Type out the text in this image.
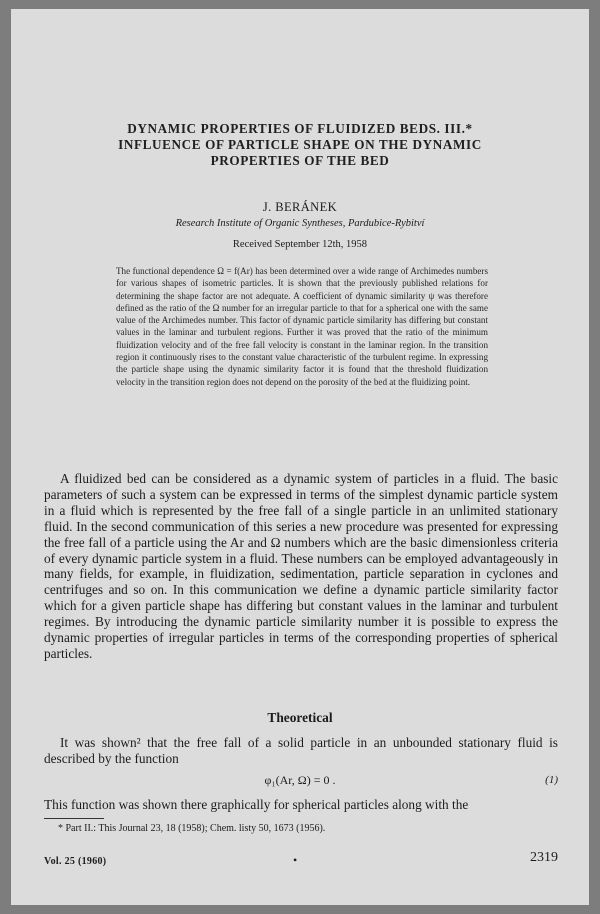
DYNAMIC PROPERTIES OF FLUIDIZED BEDS. III.*
INFLUENCE OF PARTICLE SHAPE ON THE DYNAMIC
PROPERTIES OF THE BED
J. BERÁNEK
Research Institute of Organic Syntheses, Pardubice-Rybitví
Received September 12th, 1958

The functional dependence Ω = f(Ar) has been determined over a wide range of Archimedes numbers for various shapes of isometric particles. It is shown that the previously published relations for determining the shape factor are not adequate. A coefficient of dynamic similarity ψ was therefore defined as the ratio of the Ω number for an irregular particle to that for a spherical one with the same value of the Archimedes number. This factor of dynamic particle similarity has differing but constant values in the laminar and turbulent regions. Further it was proved that the ratio of the minimum fluidization velocity and of the free fall velocity is constant in the laminar region. In the transition region it continuously rises to the constant value characteristic of the turbulent regime. In expressing the particle shape using the dynamic similarity factor it is found that the threshold fluidization velocity in the transition region does not depend on the porosity of the bed at the fluidizing point.

A fluidized bed can be considered as a dynamic system of particles in a fluid. The basic parameters of such a system can be expressed in terms of the simplest dynamic particle system in a fluid which is represented by the free fall of a single particle in an unlimited stationary fluid. In the second communication of this series a new procedure was presented for expressing the free fall of a particle using the Ar and Ω numbers which are the basic dimensionless criteria of every dynamic particle system in a fluid. These numbers can be employed advantageously in many fields, for example, in fluidization, sedimentation, particle separation in cyclones and centrifuges and so on. In this communication we define a dynamic particle similarity factor which for a given particle shape has differing but constant values in the laminar and turbulent regimes. By introducing the dynamic particle similarity number it is possible to express the dynamic properties of irregular particles in terms of the corresponding properties of spherical particles.

Theoretical

It was shown² that the free fall of a solid particle in an unbounded stationary fluid is described by the function

φ₁(Ar, Ω) = 0 .	(1)

This function was shown there graphically for spherical particles along with the

* Part II.: This Journal 23, 18 (1958); Chem. listy 50, 1673 (1956).

Vol. 25 (1960)	•	2319
